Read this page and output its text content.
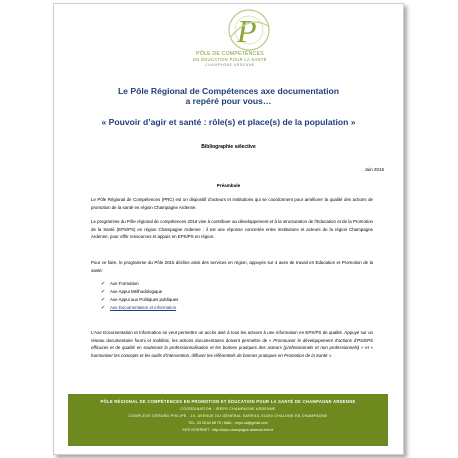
P
PÔLE DE COMPÉTENCES
EN ÉDUCATION POUR LA SANTÉ
CHAMPAGNE ARDENNE
Le Pôle Régional de Compétences axe documentation
a repéré pour vous…
« Pouvoir d’agir et santé : rôle(s) et place(s) de la population »
Bibliographie sélective
Juin 2016
Préambule
Le Pôle Régional de Compétences (PRC) est un dispositif d’acteurs et institutions qui se coordonnent pour améliorer la qualité des actions de promotion de la santé en région Champagne Ardenne.
Le programme du Pôle régional de compétences 2016 vise à contribuer au développement et à la structuration de l’Education et de la Promotion de la Santé (EPS/PS) en région Champagne Ardenne : il est une réponse concertée entre institutions et acteurs de la région Champagne Ardenne, pour offrir ressources et appuis en EPS/PS en région.
Pour ce faire, le programme du Pôle 2015 décline ainsi des services en région, appuyés sur 4 axes de travail en Education et Promotion de la santé:
✔ Axe Formation
✔ Axe Appui Méthodologique
✔ Axe Appui aux Politiques publiques
✔ Axe Documentation et information
L’Axe Documentation et Information se veut permettre un accès aisé à tous les acteurs à une information en EPS/PS de qualité. Appuyé sur un réseau documentaire fourni et mobilisé, les actions documentaires doivent permettre de « Promouvoir le développement d’actions d’PS/EPS efficaces et de qualité en soutenant la professionnalisation et les bonnes pratiques des acteurs (professionnels et non professionnels) » et « harmoniser les concepts et les outils d’intervention, diffuser les référentiels de bonnes pratiques en Promotion de la Santé ».
PÔLE RÉGIONAL DE COMPÉTENCES EN PROMOTION ET ÉDUCATION POUR LA SANTÉ DE CHAMPAGNE ARDENNE
COORDINATION : IREPS CHAMPAGNE ARDENNE
COMPLEXE GÉRARD PHILIPE - 19, AVENUE DU GÉNÉRAL SARRAIL 51000 CHALONS EN CHAMPAGNE
TEL. 03 26 64 68 75 / MAIL : ireps.ca@gmail.com
SITE INTERNET : http://ireps.champagne-ardenne.free.fr
